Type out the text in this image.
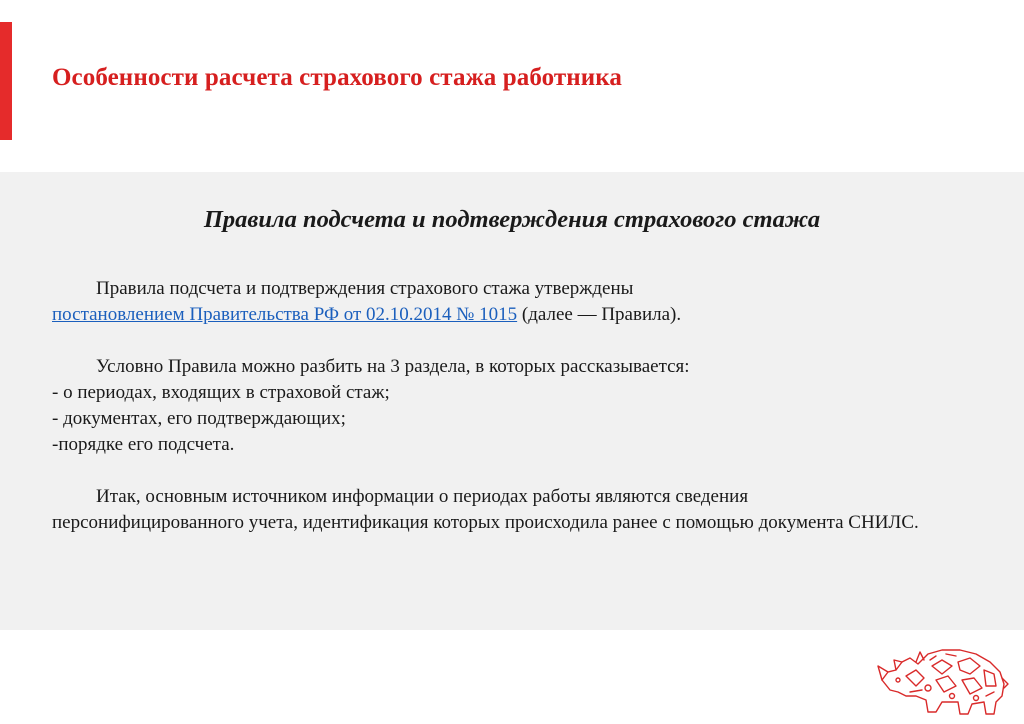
Особенности расчета страхового стажа работника
Правила подсчета и подтверждения страхового стажа

Правила подсчета и подтверждения страхового стажа утверждены
постановлением Правительства РФ от 02.10.2014 № 1015 (далее — Правила).

Условно Правила можно разбить на 3 раздела, в которых рассказывается:
- о периодах, входящих в страховой стаж;
- документах, его подтверждающих;
-порядке его подсчета.

Итак, основным источником информации о периодах работы являются сведения персонифицированного учета, идентификация которых происходила ранее с помощью документа СНИЛС.
